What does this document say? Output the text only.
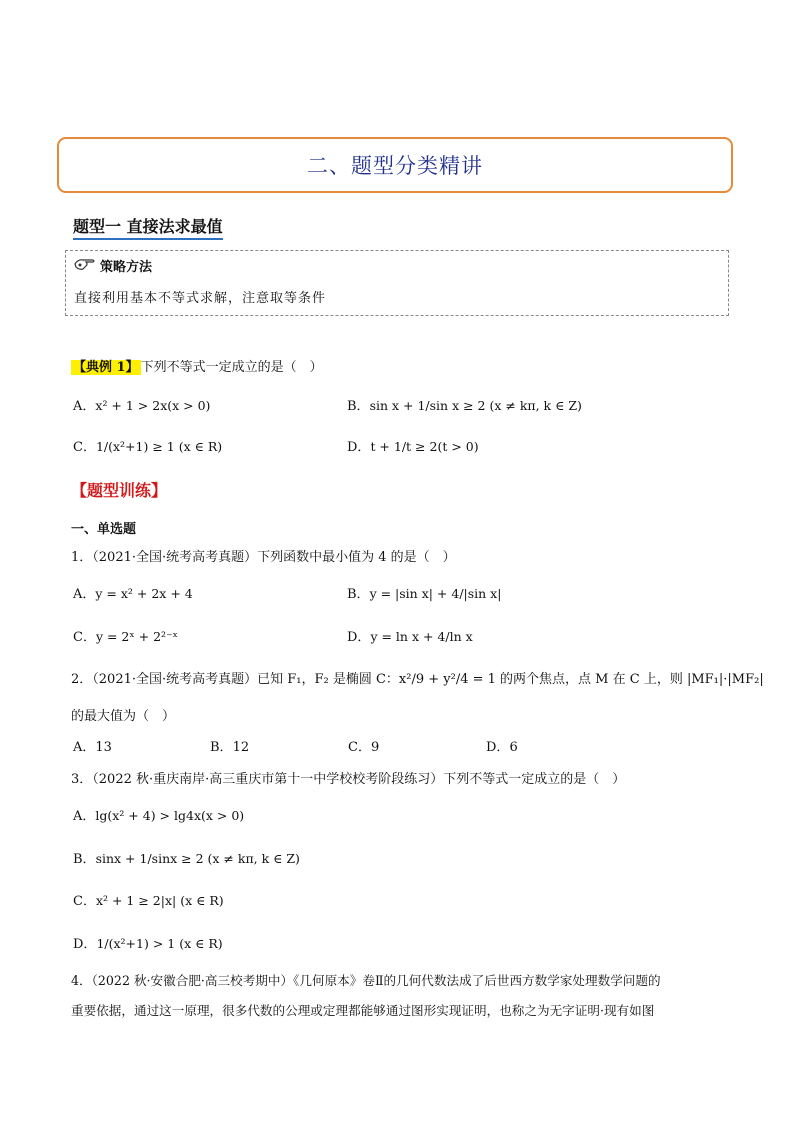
二、题型分类精讲
题型一 直接法求最值
策略方法
直接利用基本不等式求解，注意取等条件
【典例 1】 下列不等式一定成立的是（　）
A．x² + 1 > 2x(x > 0)	B．sin x + 1/sin x ≥ 2 (x ≠ kπ, k ∈ Z)
C．1/(x²+1) ≥ 1 (x ∈ R)	D．t + 1/t ≥ 2(t > 0)
【题型训练】
一、单选题
1．（2021·全国·统考高考真题）下列函数中最小值为 4 的是（　）
A．y = x² + 2x + 4	B．y = |sin x| + 4/|sin x|
C．y = 2ˣ + 2²⁻ˣ	D．y = ln x + 4/ln x
2．（2021·全国·统考高考真题）已知 F₁，F₂ 是椭圆 C：x²/9 + y²/4 = 1 的两个焦点，点 M 在 C 上，则 |MF₁|·|MF₂|
的最大值为（　）
A．13	B．12	C．9	D．6
3．（2022 秋·重庆南岸·高三重庆市第十一中学校校考阶段练习）下列不等式一定成立的是（　）
A．lg(x² + 4) > lg4x(x > 0)
B．sinx + 1/sinx ≥ 2 (x ≠ kπ, k ∈ Z)
C．x² + 1 ≥ 2|x| (x ∈ R)
D．1/(x²+1) > 1 (x ∈ R)
4．（2022 秋·安徽合肥·高三校考期中）《几何原本》卷Ⅱ的几何代数法成了后世西方数学家处理数学问题的
重要依据，通过这一原理，很多代数的公理或定理都能够通过图形实现证明，也称之为无字证明·现有如图
